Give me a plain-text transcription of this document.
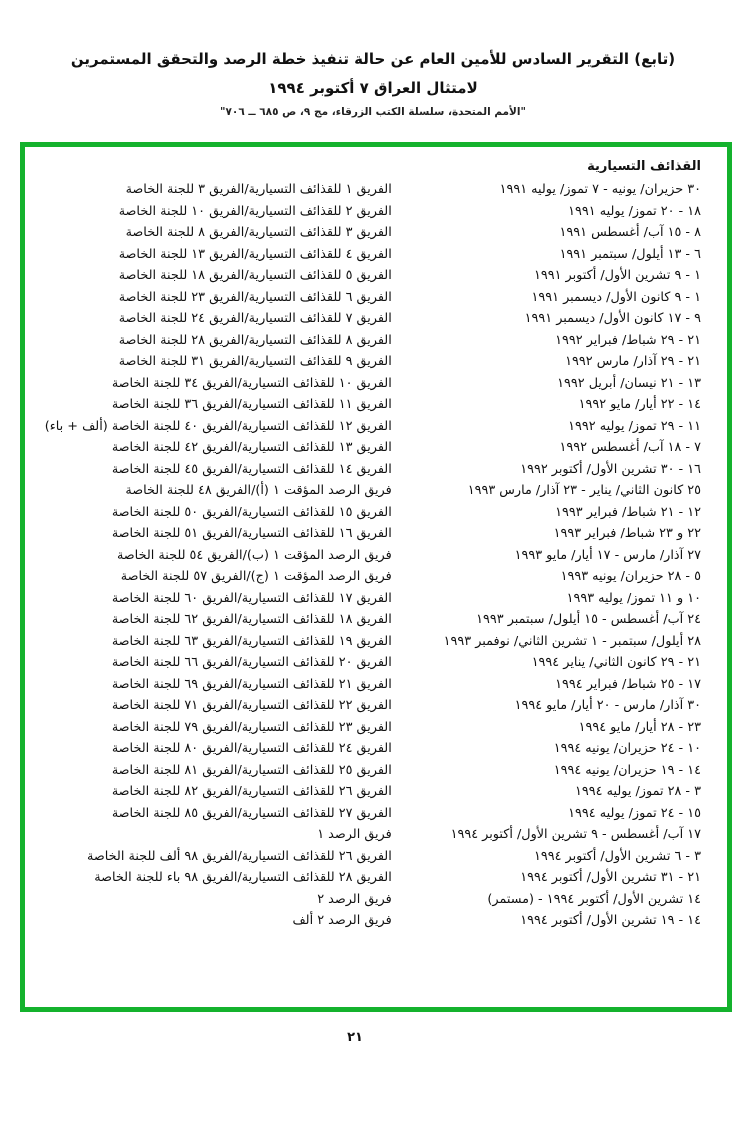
(تابع) التقرير السادس للأمين العام عن حالة تنفيذ خطة الرصد والتحقق المستمرين
لامتثال العراق ٧ أكتوبر ١٩٩٤
"الأمم المتحدة، سلسلة الكتب الزرقاء، مج ٩، ص ٦٨٥ ــ ٧٠٦"
القذائف التسيارية
٣٠ حزيران/ يونيه - ٧ تموز/ يوليه ١٩٩١
الفريق ١ للقذائف التسيارية/الفريق ٣ للجنة الخاصة
١٨ - ٢٠ تموز/ يوليه ١٩٩١
الفريق ٢ للقذائف التسيارية/الفريق ١٠ للجنة الخاصة
٨ - ١٥ آب/ أغسطس ١٩٩١
الفريق ٣ للقذائف التسيارية/الفريق ٨ للجنة الخاصة
٦ - ١٣ أيلول/ سبتمبر ١٩٩١
الفريق ٤ للقذائف التسيارية/الفريق ١٣ للجنة الخاصة
١ - ٩ تشرين الأول/ أكتوبر ١٩٩١
الفريق ٥ للقذائف التسيارية/الفريق ١٨ للجنة الخاصة
١ - ٩ كانون الأول/ ديسمبر ١٩٩١
الفريق ٦ للقذائف التسيارية/الفريق ٢٣ للجنة الخاصة
٩ - ١٧ كانون الأول/ ديسمبر ١٩٩١
الفريق ٧ للقذائف التسيارية/الفريق ٢٤ للجنة الخاصة
٢١ - ٢٩ شباط/ فبراير ١٩٩٢
الفريق ٨ للقذائف التسيارية/الفريق ٢٨ للجنة الخاصة
٢١ - ٢٩ آذار/ مارس ١٩٩٢
الفريق ٩ للقذائف التسيارية/الفريق ٣١ للجنة الخاصة
١٣ - ٢١ نيسان/ أبريل ١٩٩٢
الفريق ١٠ للقذائف التسيارية/الفريق ٣٤ للجنة الخاصة
١٤ - ٢٢ أيار/ مايو ١٩٩٢
الفريق ١١ للقذائف التسيارية/الفريق ٣٦ للجنة الخاصة
١١ - ٢٩ تموز/ يوليه ١٩٩٢
الفريق ١٢ للقذائف التسيارية/الفريق ٤٠ للجنة الخاصة (ألف + باء)
٧ - ١٨ آب/ أغسطس ١٩٩٢
الفريق ١٣ للقذائف التسيارية/الفريق ٤٢ للجنة الخاصة
١٦ - ٣٠ تشرين الأول/ أكتوبر ١٩٩٢
الفريق ١٤ للقذائف التسيارية/الفريق ٤٥ للجنة الخاصة
٢٥ كانون الثاني/ يناير - ٢٣ آذار/ مارس ١٩٩٣
فريق الرصد المؤقت ١ (أ)/الفريق ٤٨ للجنة الخاصة
١٢ - ٢١ شباط/ فبراير ١٩٩٣
الفريق ١٥ للقذائف التسيارية/الفريق ٥٠ للجنة الخاصة
٢٢ و ٢٣ شباط/ فبراير ١٩٩٣
الفريق ١٦ للقذائف التسيارية/الفريق ٥١ للجنة الخاصة
٢٧ آذار/ مارس - ١٧ أيار/ مايو ١٩٩٣
فريق الرصد المؤقت ١ (ب)/الفريق ٥٤ للجنة الخاصة
٥ - ٢٨ حزيران/ يونيه ١٩٩٣
فريق الرصد المؤقت ١ (ج)/الفريق ٥٧ للجنة الخاصة
١٠ و ١١ تموز/ يوليه ١٩٩٣
الفريق ١٧ للقذائف التسيارية/الفريق ٦٠ للجنة الخاصة
٢٤ آب/ أغسطس - ١٥ أيلول/ سبتمبر ١٩٩٣
الفريق ١٨ للقذائف التسيارية/الفريق ٦٢ للجنة الخاصة
٢٨ أيلول/ سبتمبر - ١ تشرين الثاني/ نوفمبر ١٩٩٣
الفريق ١٩ للقذائف التسيارية/الفريق ٦٣ للجنة الخاصة
٢١ - ٢٩ كانون الثاني/ يناير ١٩٩٤
الفريق ٢٠ للقذائف التسيارية/الفريق ٦٦ للجنة الخاصة
١٧ - ٢٥ شباط/ فبراير ١٩٩٤
الفريق ٢١ للقذائف التسيارية/الفريق ٦٩ للجنة الخاصة
٣٠ آذار/ مارس - ٢٠ أيار/ مايو ١٩٩٤
الفريق ٢٢ للقذائف التسيارية/الفريق ٧١ للجنة الخاصة
٢٣ - ٢٨ أيار/ مايو ١٩٩٤
الفريق ٢٣ للقذائف التسيارية/الفريق ٧٩ للجنة الخاصة
١٠ - ٢٤ حزيران/ يونيه ١٩٩٤
الفريق ٢٤ للقذائف التسيارية/الفريق ٨٠ للجنة الخاصة
١٤ - ١٩ حزيران/ يونيه ١٩٩٤
الفريق ٢٥ للقذائف التسيارية/الفريق ٨١ للجنة الخاصة
٣ - ٢٨ تموز/ يوليه ١٩٩٤
الفريق ٢٦ للقذائف التسيارية/الفريق ٨٢ للجنة الخاصة
١٥ - ٢٤ تموز/ يوليه ١٩٩٤
الفريق ٢٧ للقذائف التسيارية/الفريق ٨٥ للجنة الخاصة
١٧ آب/ أغسطس - ٩ تشرين الأول/ أكتوبر ١٩٩٤
فريق الرصد ١
٣ - ٦ تشرين الأول/ أكتوبر ١٩٩٤
الفريق ٢٦ للقذائف التسيارية/الفريق ٩٨ ألف للجنة الخاصة
٢١ - ٣١ تشرين الأول/ أكتوبر ١٩٩٤
الفريق ٢٨ للقذائف التسيارية/الفريق ٩٨ باء للجنة الخاصة
١٤ تشرين الأول/ أكتوبر ١٩٩٤ - (مستمر)
فريق الرصد ٢
١٤ - ١٩ تشرين الأول/ أكتوبر ١٩٩٤
فريق الرصد ٢ ألف
٢١
